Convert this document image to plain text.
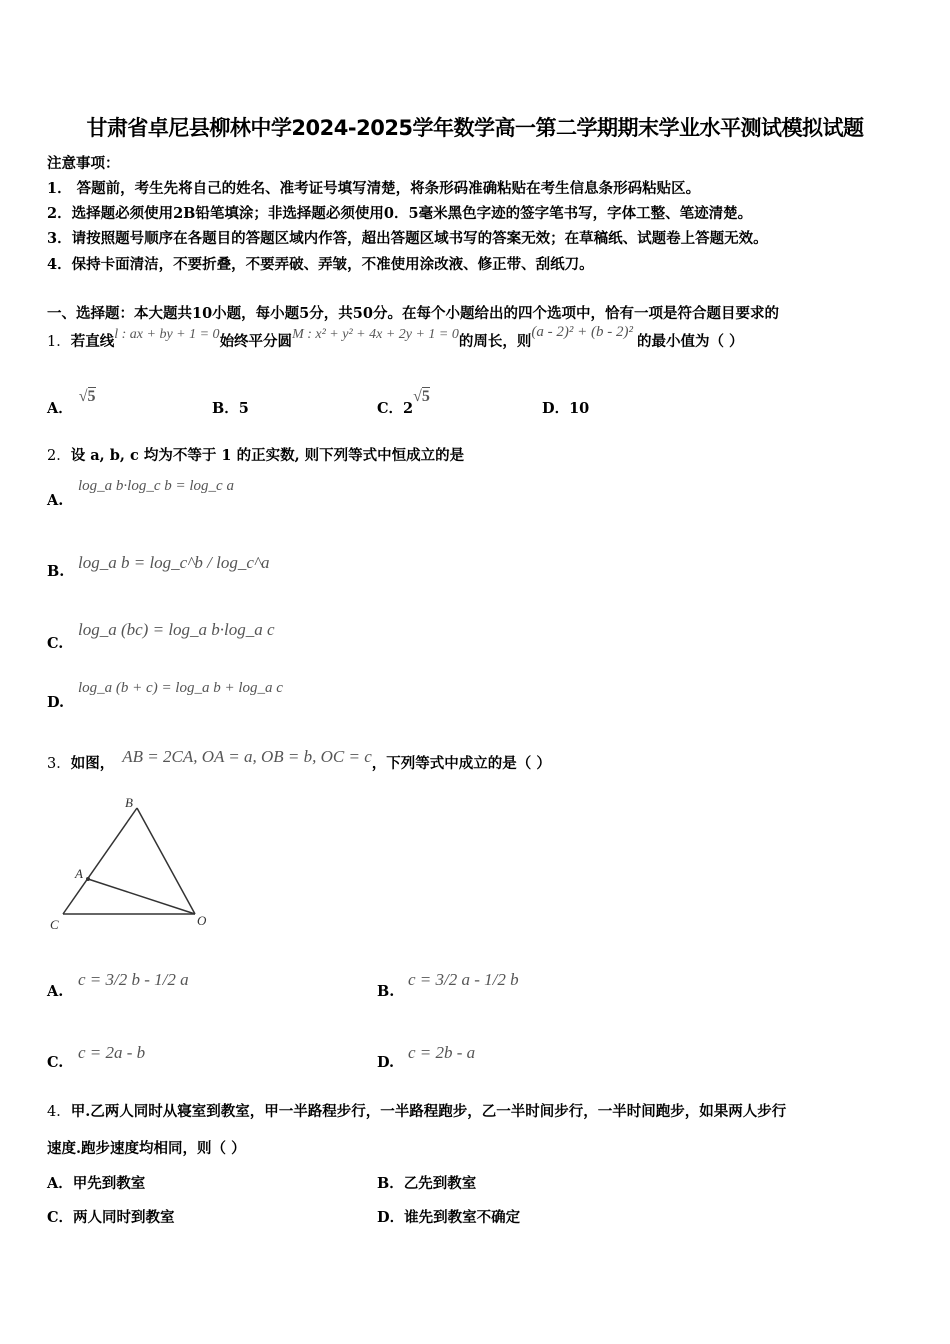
甘肃省卓尼县柳林中学2024-2025学年数学高一第二学期期末学业水平测试模拟试题
注意事项：
1． 答题前，考生先将自己的姓名、准考证号填写清楚，将条形码准确粘贴在考生信息条形码粘贴区。
2．选择题必须使用2B铅笔填涂；非选择题必须使用0．5毫米黑色字迹的签字笔书写，字体工整、笔迹清楚。
3．请按照题号顺序在各题目的答题区域内作答，超出答题区域书写的答案无效；在草稿纸、试题卷上答题无效。
4．保持卡面清洁，不要折叠，不要弄破、弄皱，不准使用涂改液、修正带、刮纸刀。
一、选择题：本大题共10小题，每小题5分，共50分。在每个小题给出的四个选项中，恰有一项是符合题目要求的
1．若直线l : ax + by + 1 = 0始终平分圆M : x² + y² + 4x + 2y + 1 = 0的周长，则(a - 2)² + (b - 2)²的最小值为（ ）
A．√5
B．5	C．2√5
D．10
2．设 a, b, c 均为不等于 1 的正实数, 则下列等式中恒成立的是
A.
log_a b·log_c b = log_c a
B. log_a b = log_c^b / log_c^a
C.
log_a (bc) = log_a b·log_a c
D.
log_a (b + c) = log_a b + log_a c
3．如图， AB = 2CA, OA = a, OB = b, OC = c，下列等式中成立的是（ ）
B
A
C	O
A.
c = 3/2 b - 1/2 a
B.
c = 3/2 a - 1/2 b
C.
c = 2a - b
D.
c = 2b - a
4．甲.乙两人同时从寝室到教室，甲一半路程步行，一半路程跑步，乙一半时间步行，一半时间跑步，如果两人步行
速度.跑步速度均相同，则（ ）
A．甲先到教室	B．乙先到教室
C．两人同时到教室	D．谁先到教室不确定
